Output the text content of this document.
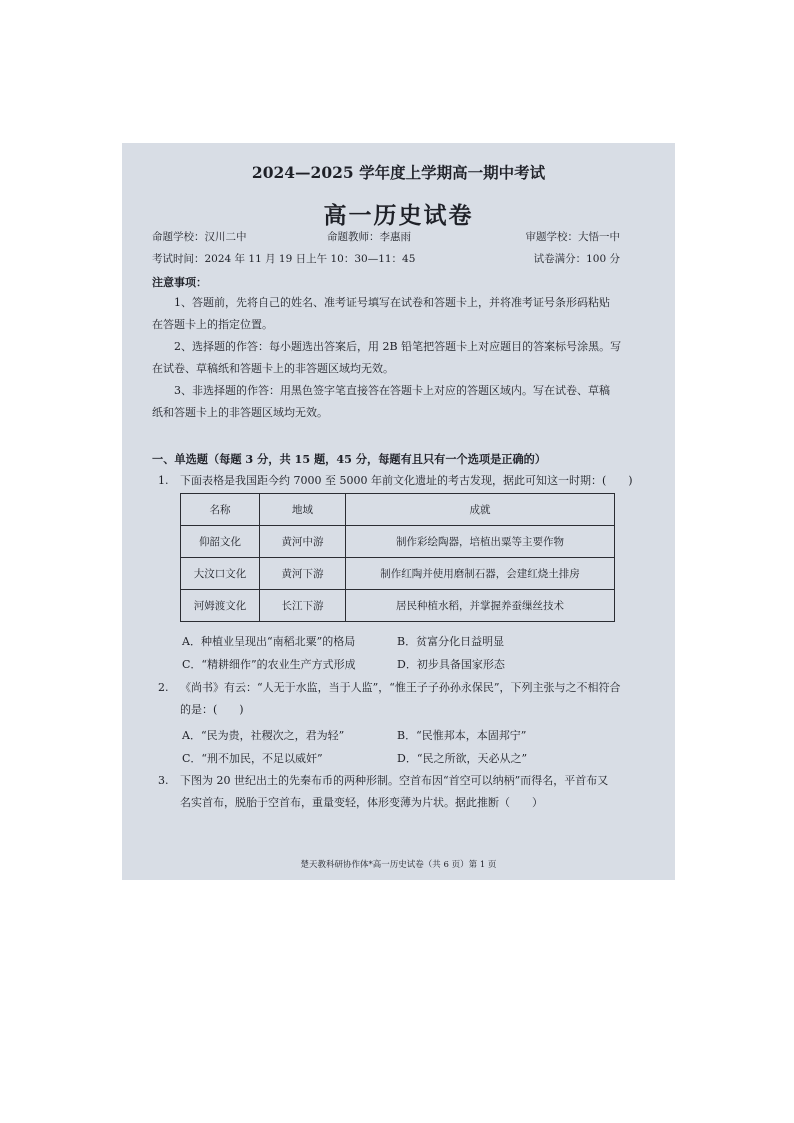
2024—2025 学年度上学期高一期中考试
高一历史试卷
命题学校：汉川二中	命题教师：李惠雨	审题学校：大悟一中
考试时间：2024 年 11 月 19 日上午 10：30—11：45	试卷满分：100 分
注意事项：
1、答题前，先将自己的姓名、准考证号填写在试卷和答题卡上，并将准考证号条形码粘贴
在答题卡上的指定位置。
2、选择题的作答：每小题选出答案后，用 2B 铅笔把答题卡上对应题目的答案标号涂黑。写
在试卷、草稿纸和答题卡上的非答题区域均无效。
3、非选择题的作答：用黑色签字笔直接答在答题卡上对应的答题区域内。写在试卷、草稿
纸和答题卡上的非答题区域均无效。
一、单选题（每题 3 分，共 15 题，45 分，每题有且只有一个选项是正确的）
1. 下面表格是我国距今约 7000 至 5000 年前文化遗址的考古发现，据此可知这一时期：(　　)
名称	地域	成就
仰韶文化	黄河中游	制作彩绘陶器，培植出粟等主要作物
大汶口文化	黄河下游	制作红陶并使用磨制石器，会建红烧土排房
河姆渡文化	长江下游	居民种植水稻，并掌握养蚕缫丝技术
A．种植业呈现出“南稻北粟”的格局	B．贫富分化日益明显
C．“精耕细作”的农业生产方式形成	D．初步具备国家形态
2. 《尚书》有云：“人无于水监，当于人监”，“惟王子子孙孙永保民”，下列主张与之不相符合
的是：(　　)
A．“民为贵，社稷次之，君为轻”	B．“民惟邦本，本固邦宁”
C．“刑不加民，不足以威奸”	D．“民之所欲，天必从之”
3. 下图为 20 世纪出土的先秦布币的两种形制。空首布因“首空可以纳柄”而得名，平首布又
名实首布，脱胎于空首布，重量变轻，体形变薄为片状。据此推断（　　）
楚天教科研协作体*高一历史试卷（共 6 页）第 1 页
